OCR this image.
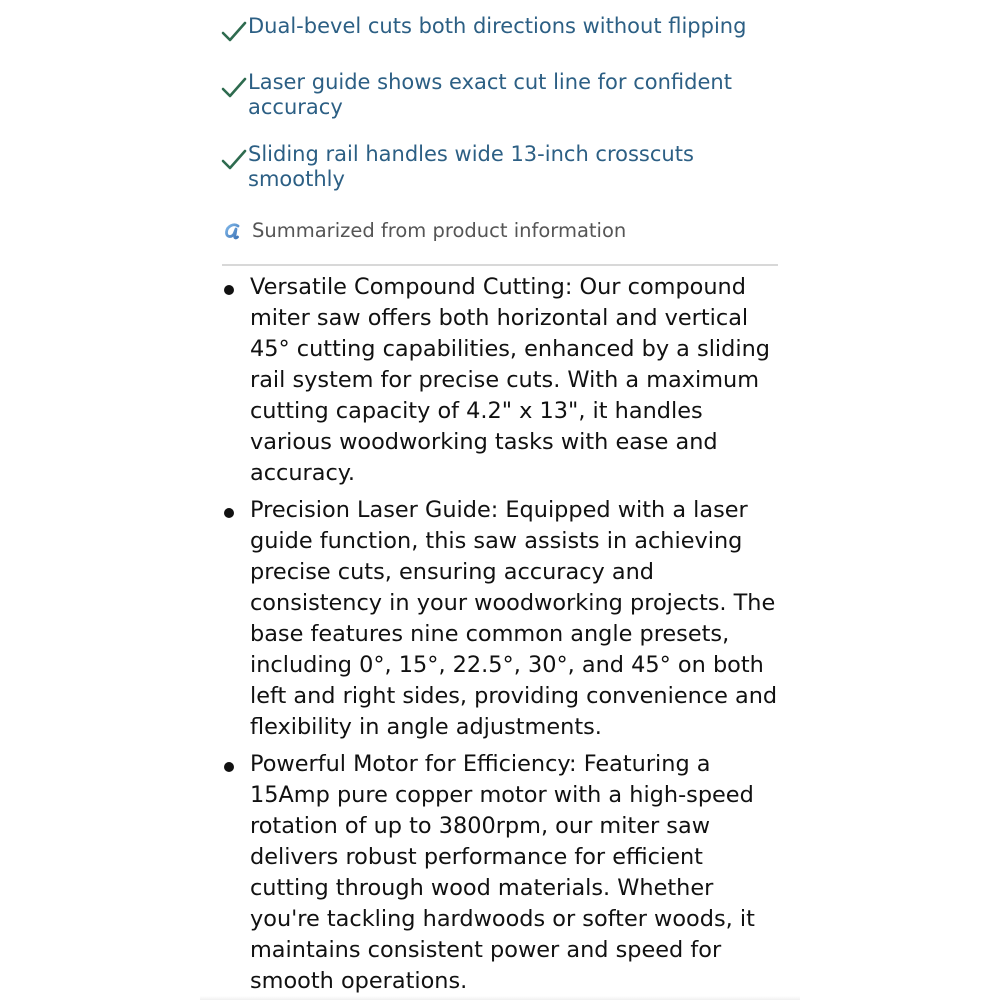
Dual-bevel cuts both directions without flipping
Laser guide shows exact cut line for confident accuracy
Sliding rail handles wide 13-inch crosscuts smoothly
Summarized from product information
Versatile Compound Cutting: Our compound miter saw offers both horizontal and vertical 45° cutting capabilities, enhanced by a sliding rail system for precise cuts. With a maximum cutting capacity of 4.2" x 13", it handles various woodworking tasks with ease and accuracy.
Precision Laser Guide: Equipped with a laser guide function, this saw assists in achieving precise cuts, ensuring accuracy and consistency in your woodworking projects. The base features nine common angle presets, including 0°, 15°, 22.5°, 30°, and 45° on both left and right sides, providing convenience and flexibility in angle adjustments.
Powerful Motor for Efficiency: Featuring a 15Amp pure copper motor with a high-speed rotation of up to 3800rpm, our miter saw delivers robust performance for efficient cutting through wood materials. Whether you're tackling hardwoods or softer woods, it maintains consistent power and speed for smooth operations.
